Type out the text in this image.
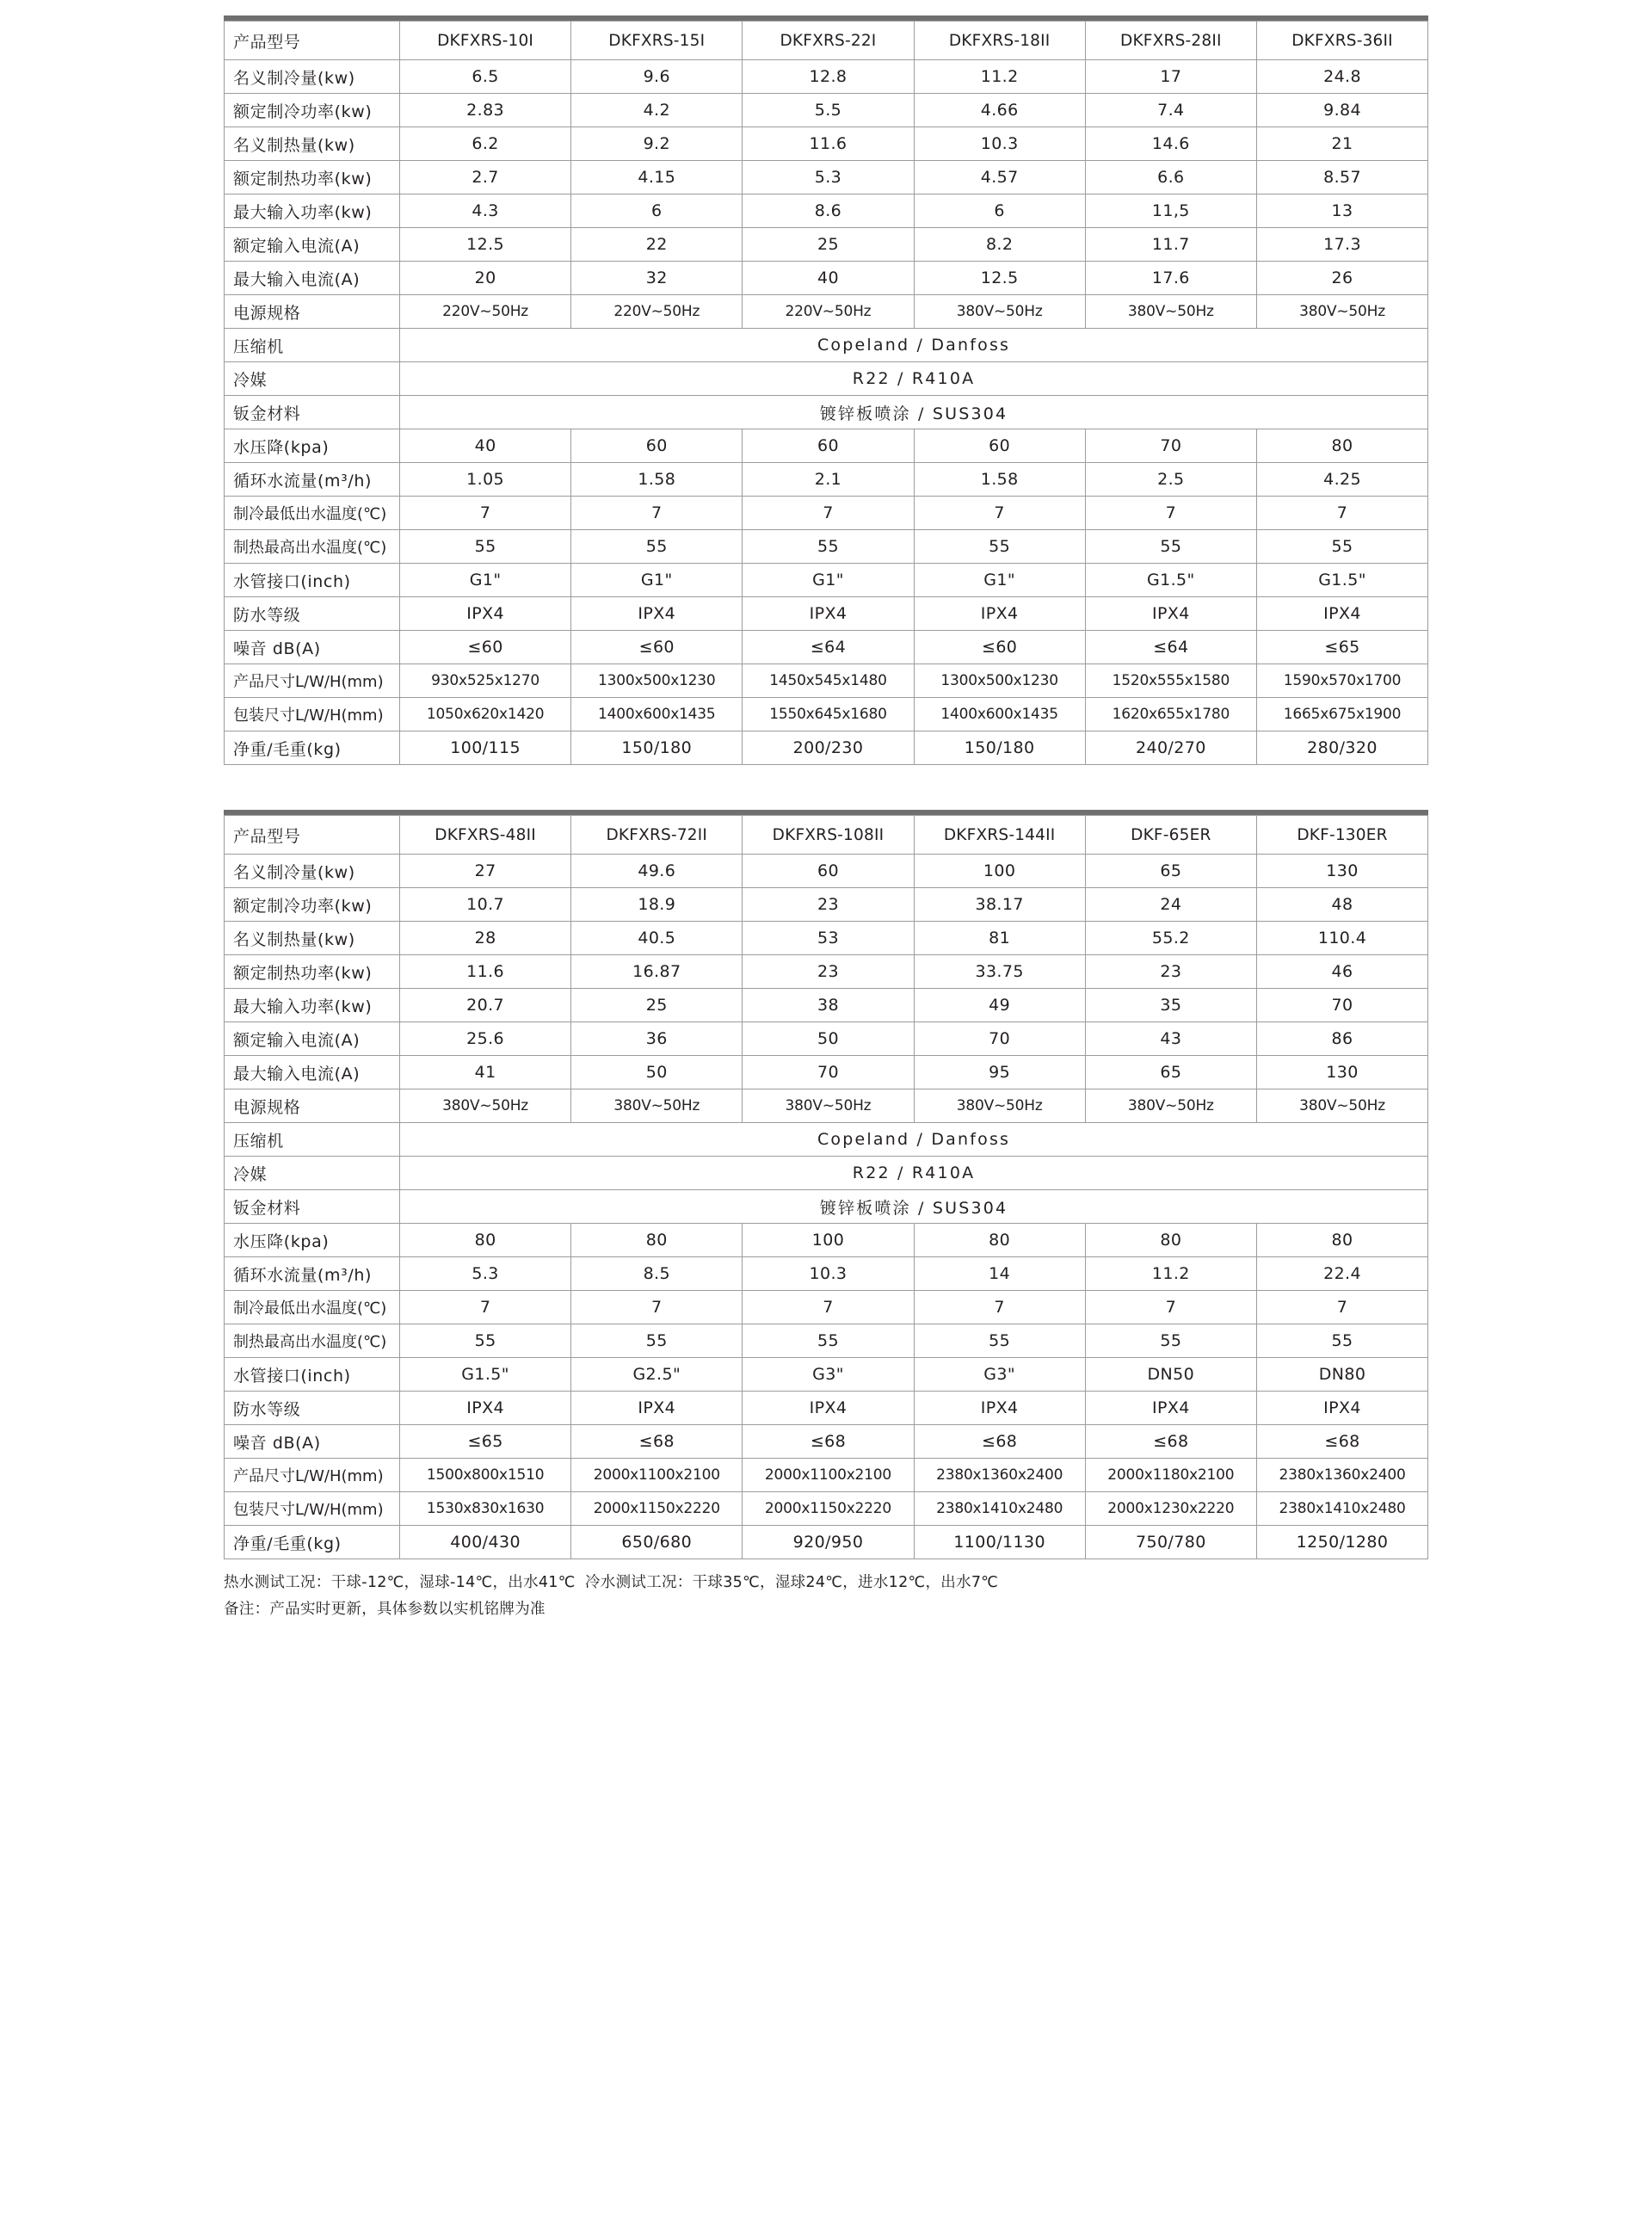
产品型号	DKFXRS-10I	DKFXRS-15I	DKFXRS-22I	DKFXRS-18II	DKFXRS-28II	DKFXRS-36II
名义制冷量(kw)	6.5	9.6	12.8	11.2	17	24.8
额定制冷功率(kw)	2.83	4.2	5.5	4.66	7.4	9.84
名义制热量(kw)	6.2	9.2	11.6	10.3	14.6	21
额定制热功率(kw)	2.7	4.15	5.3	4.57	6.6	8.57
最大输入功率(kw)	4.3	6	8.6	6	11,5	13
额定输入电流(A)	12.5	22	25	8.2	11.7	17.3
最大输入电流(A)	20	32	40	12.5	17.6	26
电源规格	220V~50Hz	220V~50Hz	220V~50Hz	380V~50Hz	380V~50Hz	380V~50Hz
压缩机	Copeland / Danfoss					
冷媒	R22 / R410A					
钣金材料	镀锌板喷涂 / SUS304					
水压降(kpa)	40	60	60	60	70	80
循环水流量(m³/h)	1.05	1.58	2.1	1.58	2.5	4.25
制冷最低出水温度(℃)	7	7	7	7	7	7
制热最高出水温度(℃)	55	55	55	55	55	55
水管接口(inch)	G1"	G1"	G1"	G1"	G1.5"	G1.5"
防水等级	IPX4	IPX4	IPX4	IPX4	IPX4	IPX4
噪音 dB(A)	≤60	≤60	≤64	≤60	≤64	≤65
产品尺寸L/W/H(mm)	930x525x1270	1300x500x1230	1450x545x1480	1300x500x1230	1520x555x1580	1590x570x1700
包装尺寸L/W/H(mm)	1050x620x1420	1400x600x1435	1550x645x1680	1400x600x1435	1620x655x1780	1665x675x1900
净重/毛重(kg)	100/115	150/180	200/230	150/180	240/270	280/320
产品型号	DKFXRS-48II	DKFXRS-72II	DKFXRS-108II	DKFXRS-144II	DKF-65ER	DKF-130ER
名义制冷量(kw)	27	49.6	60	100	65	130
额定制冷功率(kw)	10.7	18.9	23	38.17	24	48
名义制热量(kw)	28	40.5	53	81	55.2	110.4
额定制热功率(kw)	11.6	16.87	23	33.75	23	46
最大输入功率(kw)	20.7	25	38	49	35	70
额定输入电流(A)	25.6	36	50	70	43	86
最大输入电流(A)	41	50	70	95	65	130
电源规格	380V~50Hz	380V~50Hz	380V~50Hz	380V~50Hz	380V~50Hz	380V~50Hz
压缩机	Copeland / Danfoss					
冷媒	R22 / R410A					
钣金材料	镀锌板喷涂 / SUS304					
水压降(kpa)	80	80	100	80	80	80
循环水流量(m³/h)	5.3	8.5	10.3	14	11.2	22.4
制冷最低出水温度(℃)	7	7	7	7	7	7
制热最高出水温度(℃)	55	55	55	55	55	55
水管接口(inch)	G1.5"	G2.5"	G3"	G3"	DN50	DN80
防水等级	IPX4	IPX4	IPX4	IPX4	IPX4	IPX4
噪音 dB(A)	≤65	≤68	≤68	≤68	≤68	≤68
产品尺寸L/W/H(mm)	1500x800x1510	2000x1100x2100	2000x1100x2100	2380x1360x2400	2000x1180x2100	2380x1360x2400
包装尺寸L/W/H(mm)	1530x830x1630	2000x1150x2220	2000x1150x2220	2380x1410x2480	2000x1230x2220	2380x1410x2480
净重/毛重(kg)	400/430	650/680	920/950	1100/1130	750/780	1250/1280
热水测试工况：干球-12℃，湿球-14℃，出水41℃ 冷水测试工况：干球35℃，湿球24℃，进水12℃，出水7℃
备注：产品实时更新，具体参数以实机铭牌为准
